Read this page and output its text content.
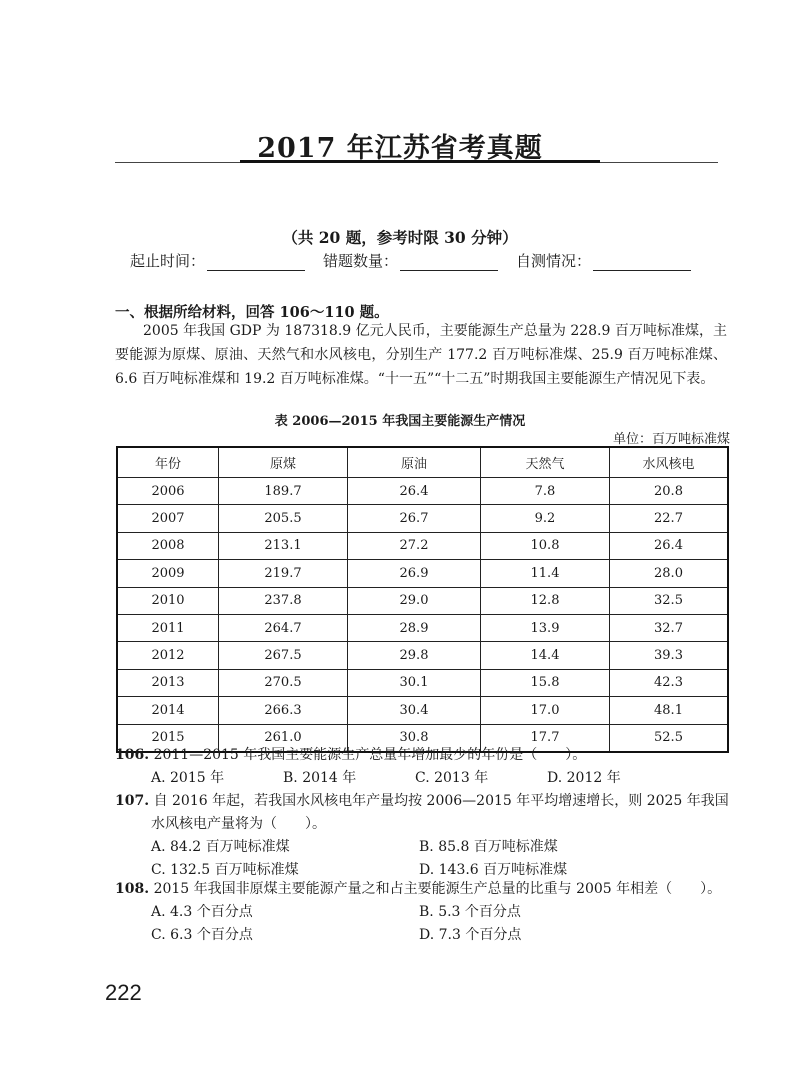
2017 年江苏省考真题
（共 20 题，参考时限 30 分钟）
起止时间：	错题数量：	自测情况：
一、根据所给材料，回答 106～110 题。
2005 年我国 GDP 为 187318.9 亿元人民币，主要能源生产总量为 228.9 百万吨标准煤，主要能源为原煤、原油、天然气和水风核电，分别生产 177.2 百万吨标准煤、25.9 百万吨标准煤、6.6 百万吨标准煤和 19.2 百万吨标准煤。“十一五”“十二五”时期我国主要能源生产情况见下表。
表 2006—2015 年我国主要能源生产情况
单位：百万吨标准煤
年份	原煤	原油	天然气	水风核电
2006	189.7	26.4	7.8	20.8
2007	205.5	26.7	9.2	22.7
2008	213.1	27.2	10.8	26.4
2009	219.7	26.9	11.4	28.0
2010	237.8	29.0	12.8	32.5
2011	264.7	28.9	13.9	32.7
2012	267.5	29.8	14.4	39.3
2013	270.5	30.1	15.8	42.3
2014	266.3	30.4	17.0	48.1
2015	261.0	30.8	17.7	52.5
106. 2011—2015 年我国主要能源生产总量年增加最少的年份是（　　）。
A. 2015 年	B. 2014 年	C. 2013 年	D. 2012 年
107. 自 2016 年起，若我国水风核电年产量均按 2006—2015 年平均增速增长，则 2025 年我国水风核电产量将为（　　）。
A. 84.2 百万吨标准煤	B. 85.8 百万吨标准煤
C. 132.5 百万吨标准煤	D. 143.6 百万吨标准煤
108. 2015 年我国非原煤主要能源产量之和占主要能源生产总量的比重与 2005 年相差（　　）。
A. 4.3 个百分点	B. 5.3 个百分点
C. 6.3 个百分点	D. 7.3 个百分点
222
